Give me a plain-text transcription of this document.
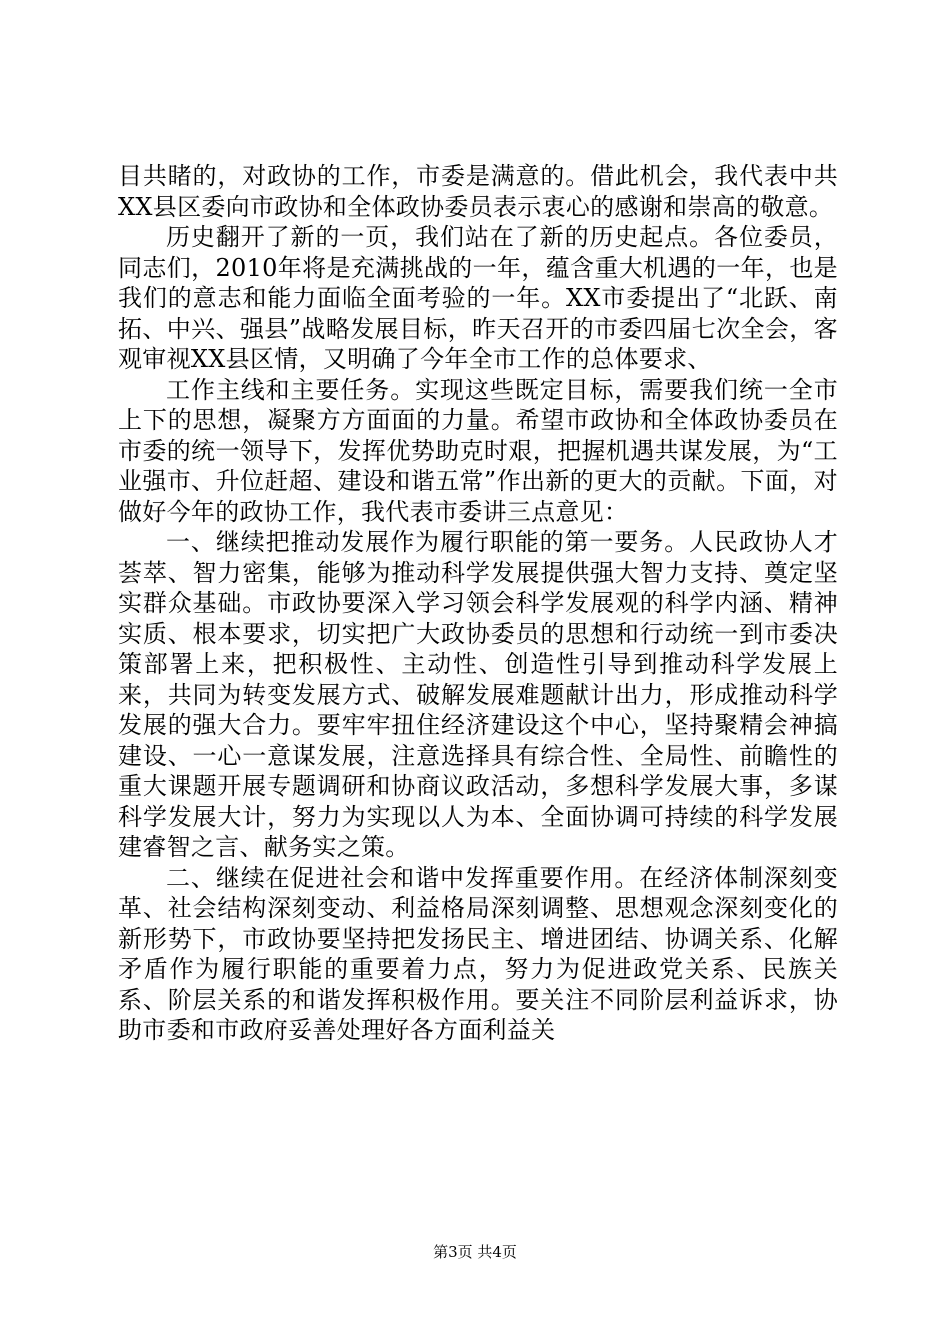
目共睹的，对政协的工作，市委是满意的。借此机会，我代表中共XX县区委向市政协和全体政协委员表示衷心的感谢和崇高的敬意。

历史翻开了新的一页，我们站在了新的历史起点。各位委员，同志们，2010年将是充满挑战的一年，蕴含重大机遇的一年，也是我们的意志和能力面临全面考验的一年。XX市委提出了“北跃、南拓、中兴、强县”战略发展目标，昨天召开的市委四届七次全会，客观审视XX县区情，又明确了今年全市工作的总体要求、

工作主线和主要任务。实现这些既定目标，需要我们统一全市上下的思想，凝聚方方面面的力量。希望市政协和全体政协委员在市委的统一领导下，发挥优势助克时艰，把握机遇共谋发展，为“工业强市、升位赶超、建设和谐五常”作出新的更大的贡献。下面，对做好今年的政协工作，我代表市委讲三点意见：

一、继续把推动发展作为履行职能的第一要务。人民政协人才荟萃、智力密集，能够为推动科学发展提供强大智力支持、奠定坚实群众基础。市政协要深入学习领会科学发展观的科学内涵、精神实质、根本要求，切实把广大政协委员的思想和行动统一到市委决策部署上来，把积极性、主动性、创造性引导到推动科学发展上来，共同为转变发展方式、破解发展难题献计出力，形成推动科学发展的强大合力。要牢牢扭住经济建设这个中心，坚持聚精会神搞建设、一心一意谋发展，注意选择具有综合性、全局性、前瞻性的重大课题开展专题调研和协商议政活动，多想科学发展大事，多谋科学发展大计，努力为实现以人为本、全面协调可持续的科学发展建睿智之言、献务实之策。

二、继续在促进社会和谐中发挥重要作用。在经济体制深刻变革、社会结构深刻变动、利益格局深刻调整、思想观念深刻变化的新形势下，市政协要坚持把发扬民主、增进团结、协调关系、化解矛盾作为履行职能的重要着力点，努力为促进政党关系、民族关系、阶层关系的和谐发挥积极作用。要关注不同阶层利益诉求，协助市委和市政府妥善处理好各方面利益关

第3页 共4页
